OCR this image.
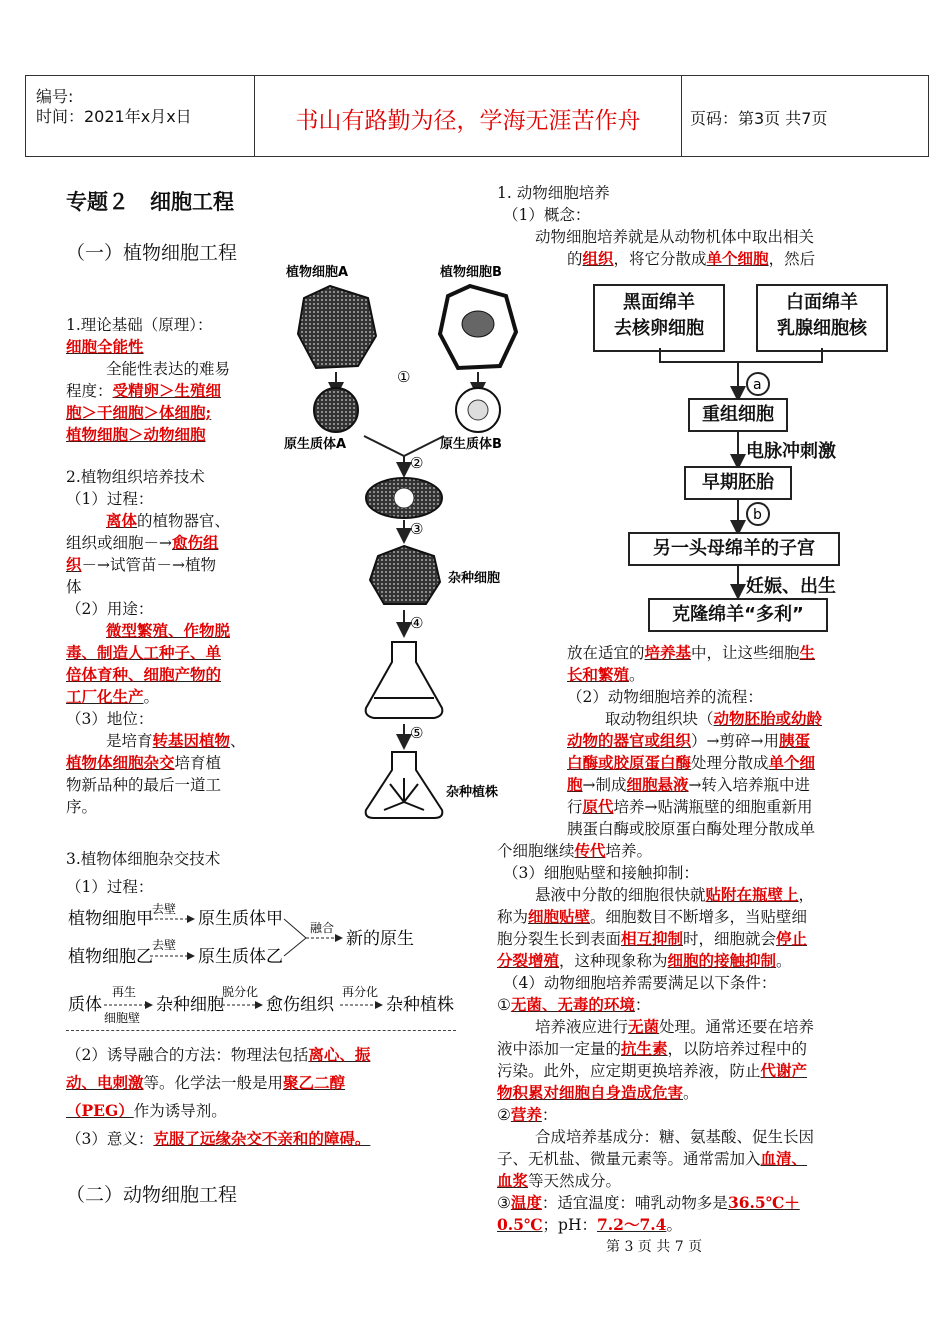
编号:
时间：2021年x月x日	书山有路勤为径，学海无涯苦作舟	页码：第3页 共7页
专题２　细胞工程
（一）植物细胞工程
1.理论基础（原理）：
细胞全能性
全能性表达的难易
程度：受精卵＞生殖细
胞＞干细胞＞体细胞;
植物细胞＞动物细胞
2.植物组织培养技术
（1）过程：
离体的植物器官、
组织或细胞－→愈伤组
织－→试管苗－→植物
体
（2）用途：
微型繁殖、作物脱
毒、制造人工种子、单
倍体育种、细胞产物的
工厂化生产。
（3）地位：
是培育转基因植物、
植物体细胞杂交培育植
物新品种的最后一道工
序。
3.植物体细胞杂交技术
（1）过程：
植物细胞甲 去壁 原生质体甲
植物细胞乙
去壁
原生质体乙
融合
新的原生
质体
再生
细胞壁
杂种细胞
脱分化
愈伤组织
再分化
杂种植株
（2）诱导融合的方法：物理法包括离心、振
动、电刺激等。化学法一般是用聚乙二醇
（PEG）作为诱导剂。
（3）意义：克服了远缘杂交不亲和的障碍。
（二）动物细胞工程
植物细胞A	植物细胞B
①
原生质体A	原生质体B
②
③
杂种细胞
④
⑤
杂种植株
1. 动物细胞培养
（1）概念：
动物细胞培养就是从动物机体中取出相关
的组织，将它分散成单个细胞，然后
黑面绵羊
去核卵细胞
白面绵羊
乳腺细胞核
a
b
重组细胞
电脉冲刺激
早期胚胎
另一头母绵羊的子宫
妊娠、出生
克隆绵羊“多利”
放在适宜的培养基中，让这些细胞生
长和繁殖。
（2）动物细胞培养的流程：
取动物组织块（动物胚胎或幼龄
动物的器官或组织）→剪碎→用胰蛋
白酶或胶原蛋白酶处理分散成单个细
胞→制成细胞悬液→转入培养瓶中进
行原代培养→贴满瓶壁的细胞重新用
胰蛋白酶或胶原蛋白酶处理分散成单
个细胞继续传代培养。
（3）细胞贴壁和接触抑制：
悬液中分散的细胞很快就贴附在瓶壁上，
称为细胞贴壁。细胞数目不断增多，当贴壁细
胞分裂生长到表面相互抑制时，细胞就会停止
分裂增殖，这种现象称为细胞的接触抑制。
（4）动物细胞培养需要满足以下条件：
①无菌、无毒的环境：
培养液应进行无菌处理。通常还要在培养
液中添加一定量的抗生素，以防培养过程中的
污染。此外，应定期更换培养液，防止代谢产
物积累对细胞自身造成危害。
②营养：
合成培养基成分：糖、氨基酸、促生长因
子、无机盐、微量元素等。通常需加入血清、
血浆等天然成分。
③温度：适宜温度：哺乳动物多是36.5℃＋
0.5℃；pH：7.2～7.4。
第 3 页 共 7 页
